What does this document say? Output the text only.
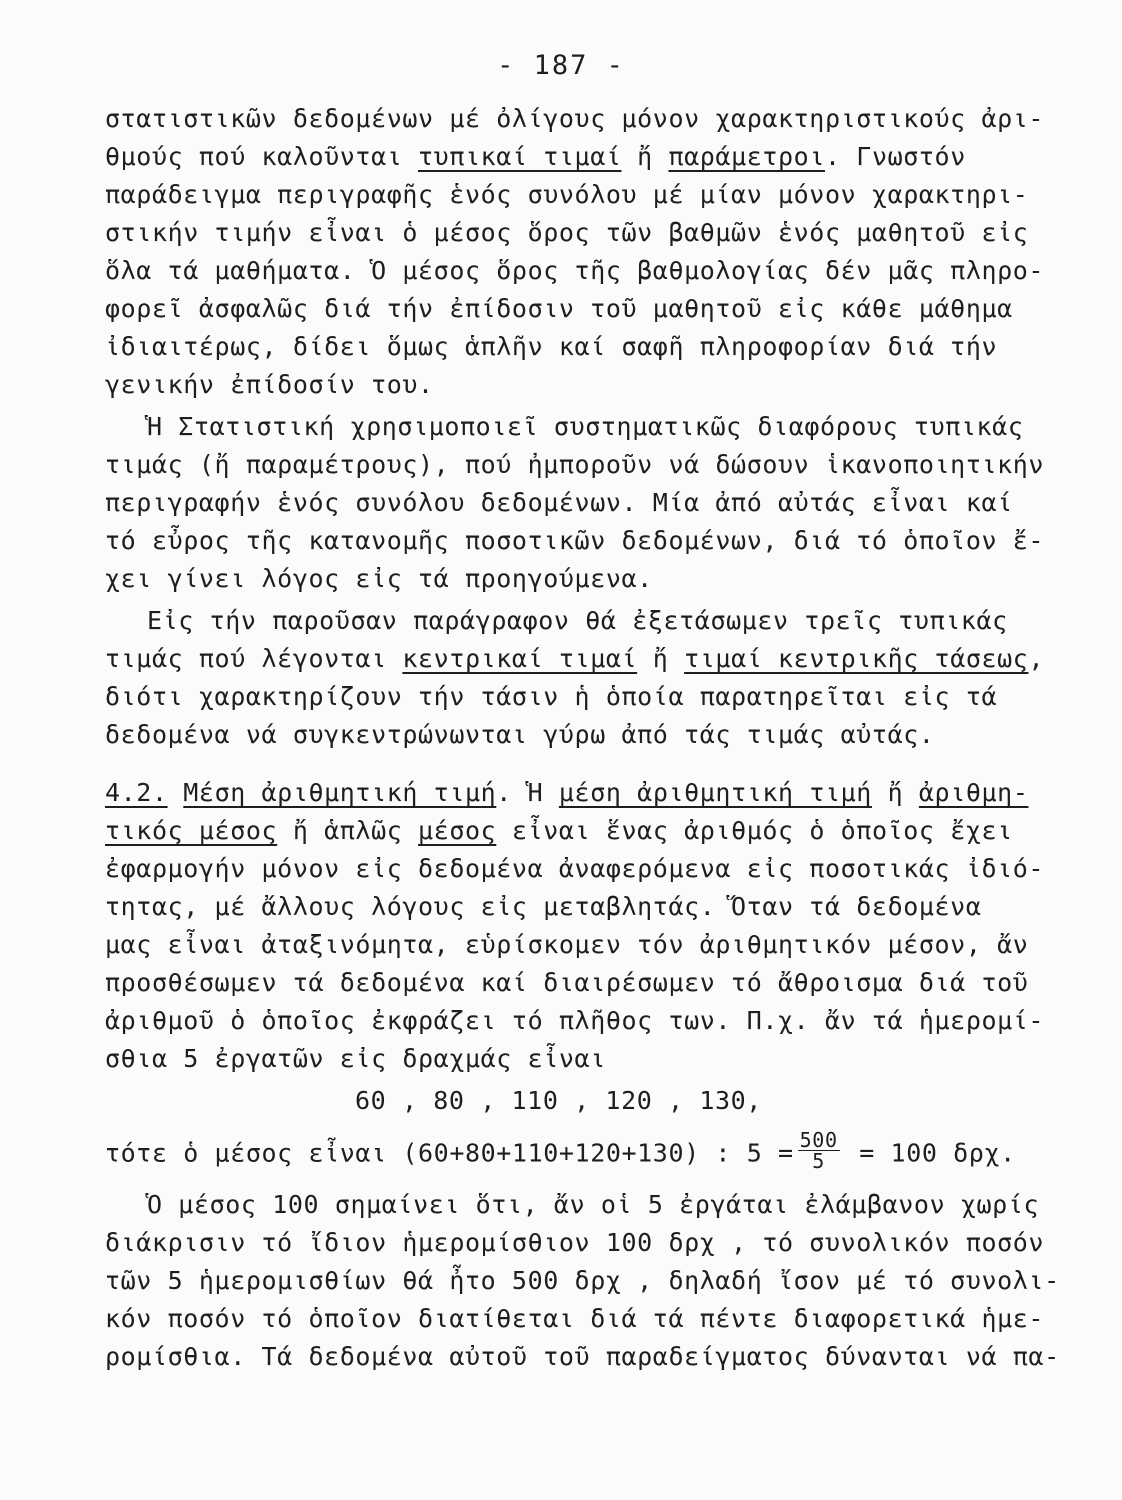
- 187 -
στατιστικῶν δεδομένων μέ ὀλίγους μόνον χαρακτηριστικούς ἀρι-
θμούς πού καλοῦνται τυπικαί τιμαί ἤ παράμετροι. Γνωστόν
παράδειγμα περιγραφῆς ἑνός συνόλου μέ μίαν μόνον χαρακτηρι-
στικήν τιμήν εἶναι ὁ μέσος ὅρος τῶν βαθμῶν ἑνός μαθητοῦ εἰς
ὅλα τά μαθήματα. Ὁ μέσος ὅρος τῆς βαθμολογίας δέν μᾶς πληρο-
φορεῖ ἀσφαλῶς διά τήν ἐπίδοσιν τοῦ μαθητοῦ εἰς κάθε μάθημα
ἰδιαιτέρως, δίδει ὅμως ἁπλῆν καί σαφῆ πληροφορίαν διά τήν
γενικήν ἐπίδοσίν του.
Ἡ Στατιστική χρησιμοποιεῖ συστηματικῶς διαφόρους τυπικάς
τιμάς (ἤ παραμέτρους), πού ἠμποροῦν νά δώσουν ἱκανοποιητικήν
περιγραφήν ἑνός συνόλου δεδομένων. Μία ἀπό αὐτάς εἶναι καί
τό εὖρος τῆς κατανομῆς ποσοτικῶν δεδομένων, διά τό ὁποῖον ἔ-
χει γίνει λόγος εἰς τά προηγούμενα.
Εἰς τήν παροῦσαν παράγραφον θά ἐξετάσωμεν τρεῖς τυπικάς
τιμάς πού λέγονται κεντρικαί τιμαί ἤ τιμαί κεντρικῆς τάσεως,
διότι χαρακτηρίζουν τήν τάσιν ἡ ὁποία παρατηρεῖται εἰς τά
δεδομένα νά συγκεντρώνωνται γύρω ἀπό τάς τιμάς αὐτάς.
4.2. Μέση ἀριθμητική τιμή. Ἡ μέση ἀριθμητική τιμή ἤ ἀριθμη-
τικός μέσος ἤ ἁπλῶς μέσος εἶναι ἕνας ἀριθμός ὁ ὁποῖος ἔχει
ἐφαρμογήν μόνον εἰς δεδομένα ἀναφερόμενα εἰς ποσοτικάς ἰδιό-
τητας, μέ ἄλλους λόγους εἰς μεταβλητάς. Ὅταν τά δεδομένα
μας εἶναι ἀταξινόμητα, εὑρίσκομεν τόν ἀριθμητικόν μέσον, ἄν
προσθέσωμεν τά δεδομένα καί διαιρέσωμεν τό ἄθροισμα διά τοῦ
ἀριθμοῦ ὁ ὁποῖος ἐκφράζει τό πλῆθος των. Π.χ. ἄν τά ἡμερομί-
σθια 5 ἐργατῶν εἰς δραχμάς εἶναι
60 , 80 , 110 , 120 , 130,
τότε ὁ μέσος εἶναι (60+80+110+120+130) : $5 = \frac{500}{5} = 100$ δρχ.
Ὁ μέσος 100 σημαίνει ὅτι, ἄν οἱ 5 ἐργάται ἐλάμβανον χωρίς
διάκρισιν τό ἴδιον ἡμερομίσθιον 100 δρχ , τό συνολικόν ποσόν
τῶν 5 ἡμερομισθίων θά ἦτο 500 δρχ , δηλαδή ἴσον μέ τό συνολι-
κόν ποσόν τό ὁποῖον διατίθεται διά τά πέντε διαφορετικά ἡμε-
ρομίσθια. Τά δεδομένα αὐτοῦ τοῦ παραδείγματος δύνανται νά πα-
